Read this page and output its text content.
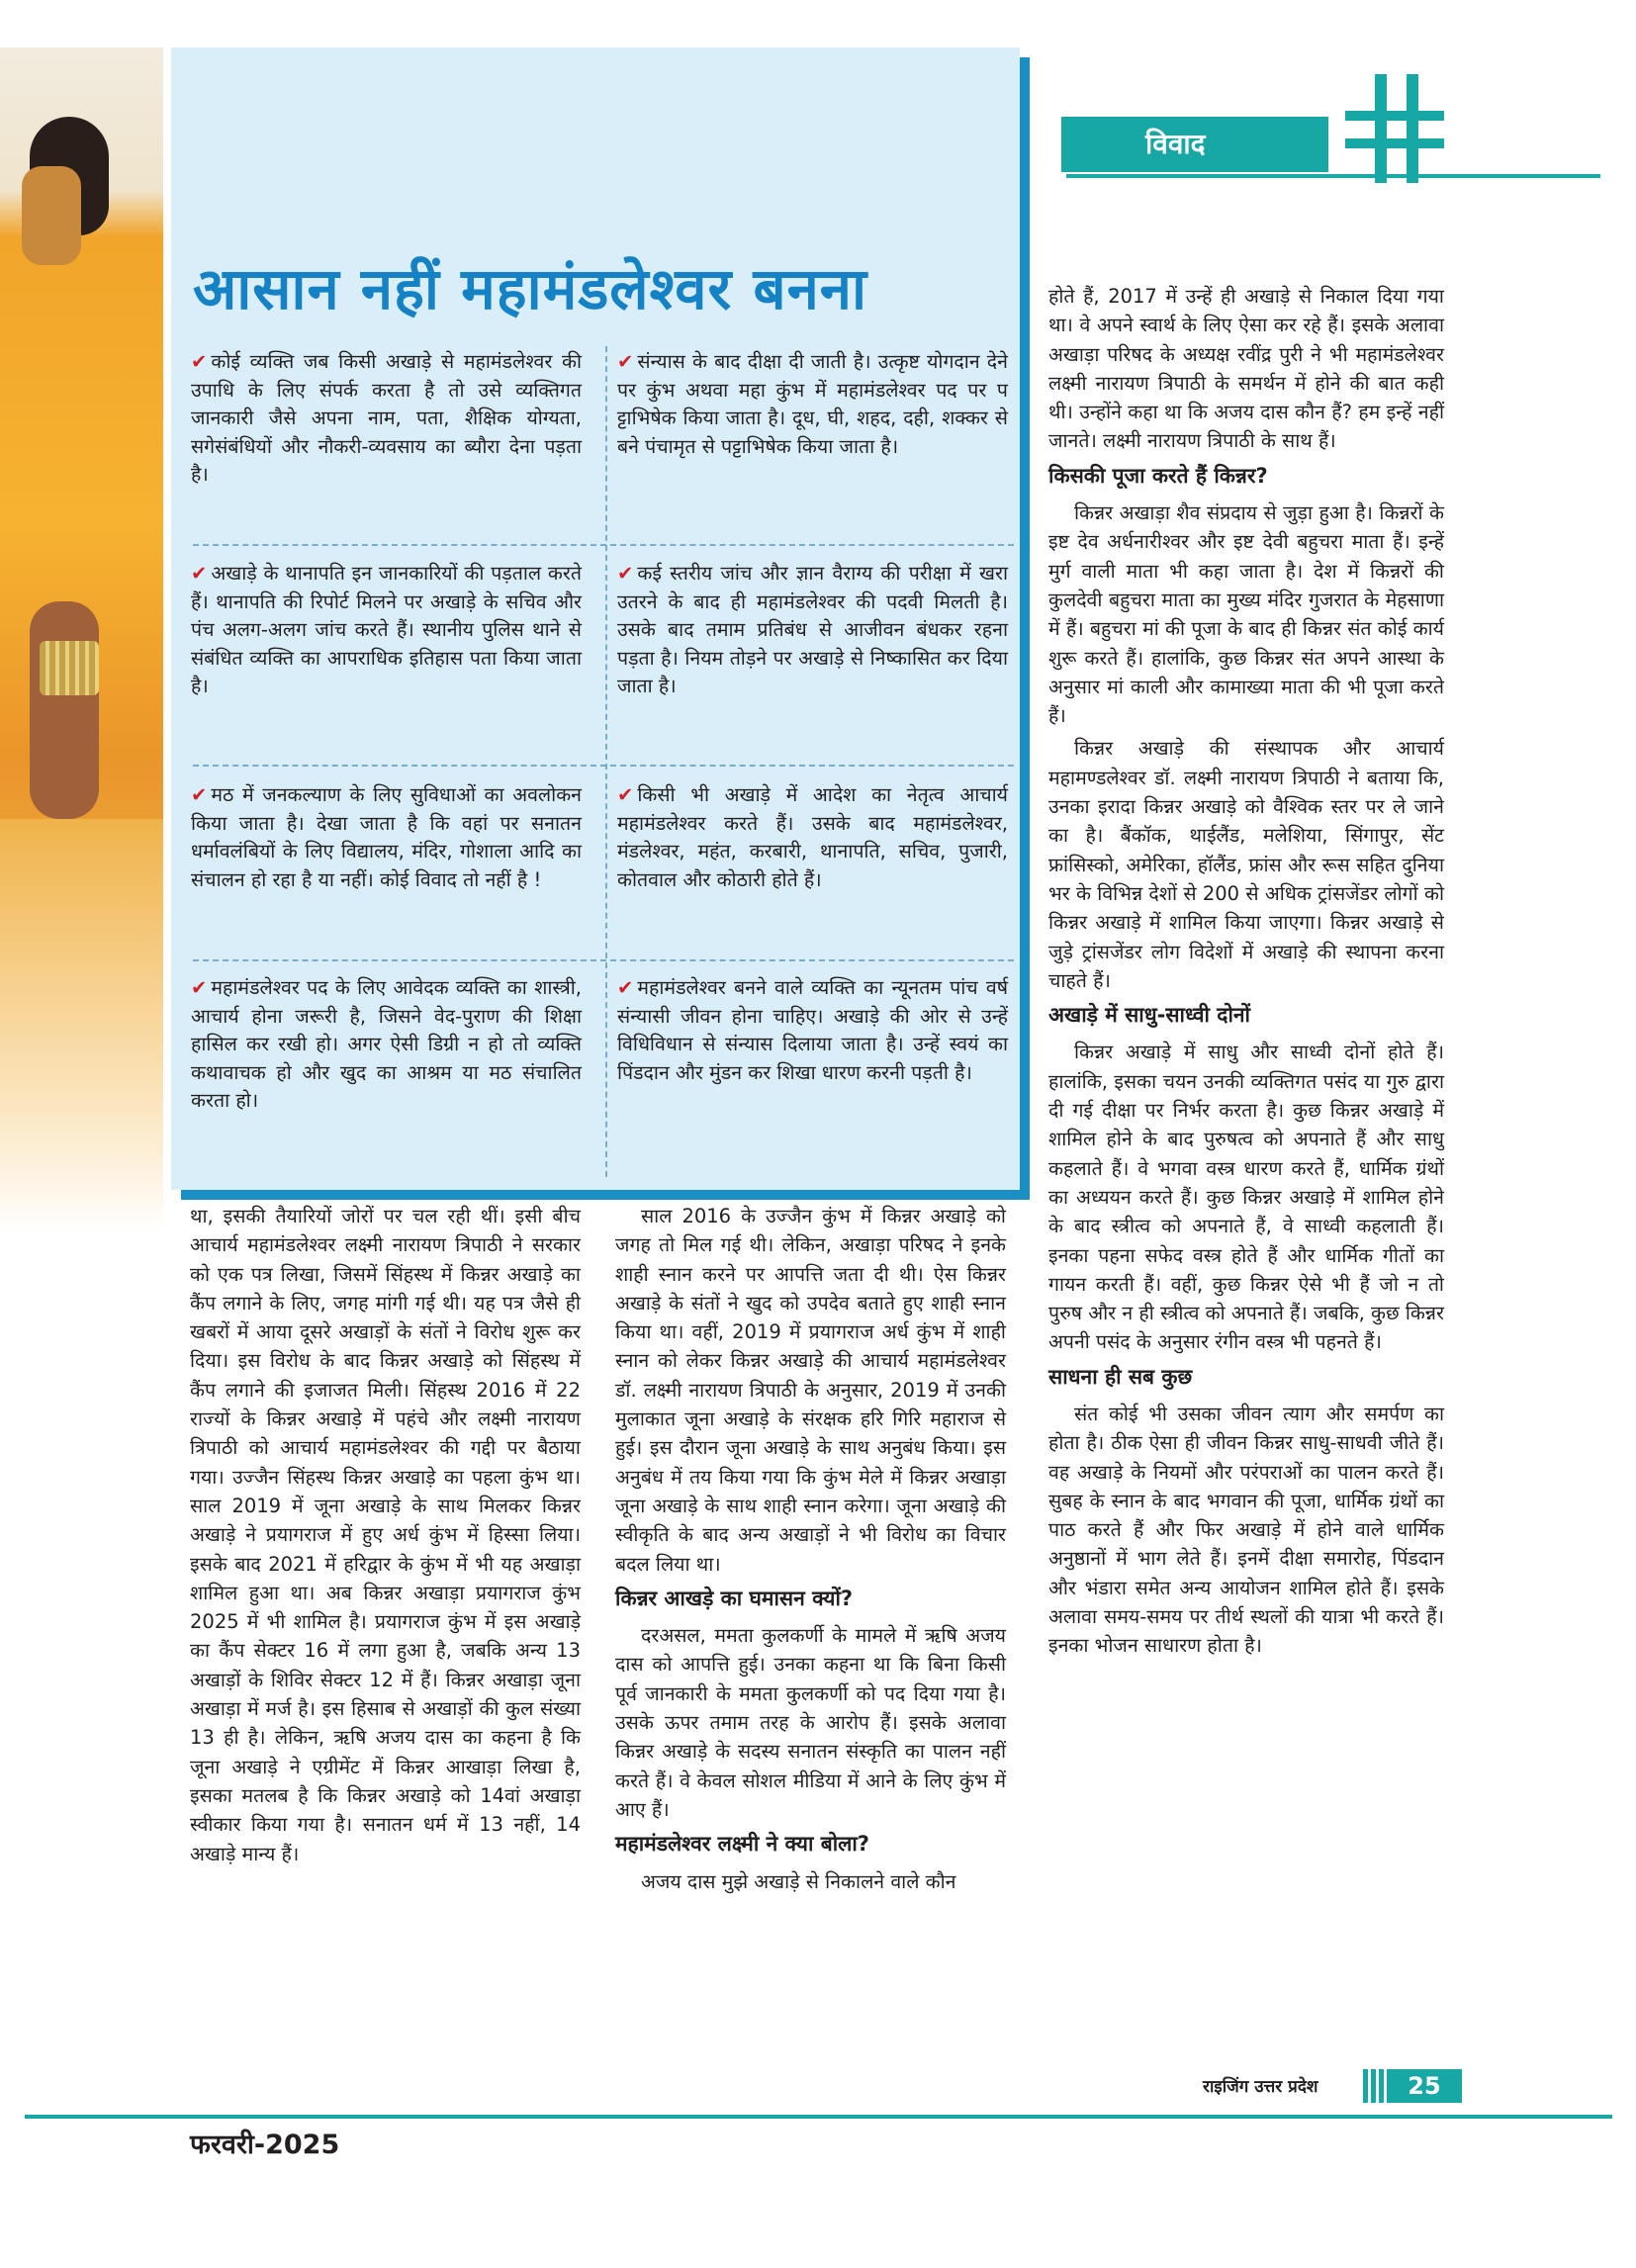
विवाद
आसान नहीं महामंडलेश्वर बनना
✔ कोई व्यक्ति जब किसी अखाड़े से महामंडलेश्वर की उपाधि के लिए संपर्क करता है तो उसे व्यक्तिगत जानकारी जैसे अपना नाम, पता, शैक्षिक योग्यता, सगेसंबंधियों और नौकरी-व्यवसाय का ब्यौरा देना पड़ता है।
✔ संन्यास के बाद दीक्षा दी जाती है। उत्कृष्ट योगदान देने पर कुंभ अथवा महा कुंभ में महामंडलेश्वर पद पर प ट्टाभिषेक किया जाता है। दूध, घी, शहद, दही, शक्कर से बने पंचामृत से पट्टाभिषेक किया जाता है।
✔ अखाड़े के थानापति इन जानकारियों की पड़ताल करते हैं। थानापति की रिपोर्ट मिलने पर अखाड़े के सचिव और पंच अलग-अलग जांच करते हैं। स्थानीय पुलिस थाने से संबंधित व्यक्ति का आपराधिक इतिहास पता किया जाता है।
✔ कई स्तरीय जांच और ज्ञान वैराग्य की परीक्षा में खरा उतरने के बाद ही महामंडलेश्वर की पदवी मिलती है। उसके बाद तमाम प्रतिबंध से आजीवन बंधकर रहना पड़ता है। नियम तोड़ने पर अखाड़े से निष्कासित कर दिया जाता है।
✔ मठ में जनकल्याण के लिए सुविधाओं का अवलोकन किया जाता है। देखा जाता है कि वहां पर सनातन धर्मावलंबियों के लिए विद्यालय, मंदिर, गोशाला आदि का संचालन हो रहा है या नहीं। कोई विवाद तो नहीं है !
✔ किसी भी अखाड़े में आदेश का नेतृत्व आचार्य महामंडलेश्वर करते हैं। उसके बाद महामंडलेश्वर, मंडलेश्वर, महंत, करबारी, थानापति, सचिव, पुजारी, कोतवाल और कोठारी होते हैं।
✔ महामंडलेश्वर पद के लिए आवेदक व्यक्ति का शास्त्री, आचार्य होना जरूरी है, जिसने वेद-पुराण की शिक्षा हासिल कर रखी हो। अगर ऐसी डिग्री न हो तो व्यक्ति कथावाचक हो और खुद का आश्रम या मठ संचालित करता हो।
✔ महामंडलेश्वर बनने वाले व्यक्ति का न्यूनतम पांच वर्ष संन्यासी जीवन होना चाहिए। अखाड़े की ओर से उन्हें विधिविधान से संन्यास दिलाया जाता है। उन्हें स्वयं का पिंडदान और मुंडन कर शिखा धारण करनी पड़ती है।

था, इसकी तैयारियों जोरों पर चल रही थीं। इसी बीच आचार्य महामंडलेश्वर लक्ष्मी नारायण त्रिपाठी ने सरकार को एक पत्र लिखा, जिसमें सिंहस्थ में किन्नर अखाड़े का कैंप लगाने के लिए, जगह मांगी गई थी। यह पत्र जैसे ही खबरों में आया दूसरे अखाड़ों के संतों ने विरोध शुरू कर दिया। इस विरोध के बाद किन्नर अखाड़े को सिंहस्थ में कैंप लगाने की इजाजत मिली। सिंहस्थ 2016 में 22 राज्यों के किन्नर अखाड़े में पहंचे और लक्ष्मी नारायण त्रिपाठी को आचार्य महामंडलेश्वर की गद्दी पर बैठाया गया। उज्जैन सिंहस्थ किन्नर अखाड़े का पहला कुंभ था। साल 2019 में जूना अखाड़े के साथ मिलकर किन्नर अखाड़े ने प्रयागराज में हुए अर्ध कुंभ में हिस्सा लिया। इसके बाद 2021 में हरिद्वार के कुंभ में भी यह अखाड़ा शामिल हुआ था। अब किन्नर अखाड़ा प्रयागराज कुंभ 2025 में भी शामिल है। प्रयागराज कुंभ में इस अखाड़े का कैंप सेक्टर 16 में लगा हुआ है, जबकि अन्य 13 अखाड़ों के शिविर सेक्टर 12 में हैं। किन्नर अखाड़ा जूना अखाड़ा में मर्ज है। इस हिसाब से अखाड़ों की कुल संख्या 13 ही है। लेकिन, ऋषि अजय दास का कहना है कि जूना अखाड़े ने एग्रीमेंट में किन्नर आखाड़ा लिखा है, इसका मतलब है कि किन्नर अखाड़े को 14वां अखाड़ा स्वीकार किया गया है। सनातन धर्म में 13 नहीं, 14 अखाड़े मान्य हैं।

साल 2016 के उज्जैन कुंभ में किन्नर अखाड़े को जगह तो मिल गई थी। लेकिन, अखाड़ा परिषद ने इनके शाही स्नान करने पर आपत्ति जता दी थी। ऐस किन्नर अखाड़े के संतों ने खुद को उपदेव बताते हुए शाही स्नान किया था। वहीं, 2019 में प्रयागराज अर्ध कुंभ में शाही स्नान को लेकर किन्नर अखाड़े की आचार्य महामंडलेश्वर डॉ. लक्ष्मी नारायण त्रिपाठी के अनुसार, 2019 में उनकी मुलाकात जूना अखाड़े के संरक्षक हरि गिरि महाराज से हुई। इस दौरान जूना अखाड़े के साथ अनुबंध किया। इस अनुबंध में तय किया गया कि कुंभ मेले में किन्नर अखाड़ा जूना अखाड़े के साथ शाही स्नान करेगा। जूना अखाड़े की स्वीकृति के बाद अन्य अखाड़ों ने भी विरोध का विचार बदल लिया था।

किन्नर आखड़े का घमासन क्यों?

दरअसल, ममता कुलकर्णी के मामले में ऋषि अजय दास को आपत्ति हुई। उनका कहना था कि बिना किसी पूर्व जानकारी के ममता कुलकर्णी को पद दिया गया है। उसके ऊपर तमाम तरह के आरोप हैं। इसके अलावा किन्नर अखाड़े के सदस्य सनातन संस्कृति का पालन नहीं करते हैं। वे केवल सोशल मीडिया में आने के लिए कुंभ में आए हैं।

महामंडलेश्वर लक्ष्मी ने क्या बोला?

अजय दास मुझे अखाड़े से निकालने वाले कौन

होते हैं, 2017 में उन्हें ही अखाड़े से निकाल दिया गया था। वे अपने स्वार्थ के लिए ऐसा कर रहे हैं। इसके अलावा अखाड़ा परिषद के अध्यक्ष रवींद्र पुरी ने भी महामंडलेश्वर लक्ष्मी नारायण त्रिपाठी के समर्थन में होने की बात कही थी। उन्होंने कहा था कि अजय दास कौन हैं? हम इन्हें नहीं जानते। लक्ष्मी नारायण त्रिपाठी के साथ हैं।

किसकी पूजा करते हैं किन्नर?

किन्नर अखाड़ा शैव संप्रदाय से जुड़ा हुआ है। किन्नरों के इष्ट देव अर्धनारीश्वर और इष्ट देवी बहुचरा माता हैं। इन्हें मुर्ग वाली माता भी कहा जाता है। देश में किन्नरों की कुलदेवी बहुचरा माता का मुख्य मंदिर गुजरात के मेहसाणा में हैं। बहुचरा मां की पूजा के बाद ही किन्नर संत कोई कार्य शुरू करते हैं। हालांकि, कुछ किन्नर संत अपने आस्था के अनुसार मां काली और कामाख्या माता की भी पूजा करते हैं।

किन्नर अखाड़े की संस्थापक और आचार्य महामण्डलेश्वर डॉ. लक्ष्मी नारायण त्रिपाठी ने बताया कि, उनका इरादा किन्नर अखाड़े को वैश्विक स्तर पर ले जाने का है। बैंकॉक, थाईलैंड, मलेशिया, सिंगापुर, सेंट फ्रांसिस्को, अमेरिका, हॉलैंड, फ्रांस और रूस सहित दुनिया भर के विभिन्न देशों से 200 से अधिक ट्रांसजेंडर लोगों को किन्नर अखाड़े में शामिल किया जाएगा। किन्नर अखाड़े से जुड़े ट्रांसजेंडर लोग विदेशों में अखाड़े की स्थापना करना चाहते हैं।

अखाड़े में साधु-साध्वी दोनों

किन्नर अखाड़े में साधु और साध्वी दोनों होते हैं। हालांकि, इसका चयन उनकी व्यक्तिगत पसंद या गुरु द्वारा दी गई दीक्षा पर निर्भर करता है। कुछ किन्नर अखाड़े में शामिल होने के बाद पुरुषत्व को अपनाते हैं और साधु कहलाते हैं। वे भगवा वस्त्र धारण करते हैं, धार्मिक ग्रंथों का अध्ययन करते हैं। कुछ किन्नर अखाड़े में शामिल होने के बाद स्त्रीत्व को अपनाते हैं, वे साध्वी कहलाती हैं। इनका पहना सफेद वस्त्र होते हैं और धार्मिक गीतों का गायन करती हैं। वहीं, कुछ किन्नर ऐसे भी हैं जो न तो पुरुष और न ही स्त्रीत्व को अपनाते हैं। जबकि, कुछ किन्नर अपनी पसंद के अनुसार रंगीन वस्त्र भी पहनते हैं।

साधना ही सब कुछ

संत कोई भी उसका जीवन त्याग और समर्पण का होता है। ठीक ऐसा ही जीवन किन्नर साधु-साधवी जीते हैं। वह अखाड़े के नियमों और परंपराओं का पालन करते हैं। सुबह के स्नान के बाद भगवान की पूजा, धार्मिक ग्रंथों का पाठ करते हैं और फिर अखाड़े में होने वाले धार्मिक अनुष्ठानों में भाग लेते हैं। इनमें दीक्षा समारोह, पिंडदान और भंडारा समेत अन्य आयोजन शामिल होते हैं। इसके अलावा समय-समय पर तीर्थ स्थलों की यात्रा भी करते हैं। इनका भोजन साधारण होता है।

राइजिंग उत्तर प्रदेश	25
फरवरी-2025
